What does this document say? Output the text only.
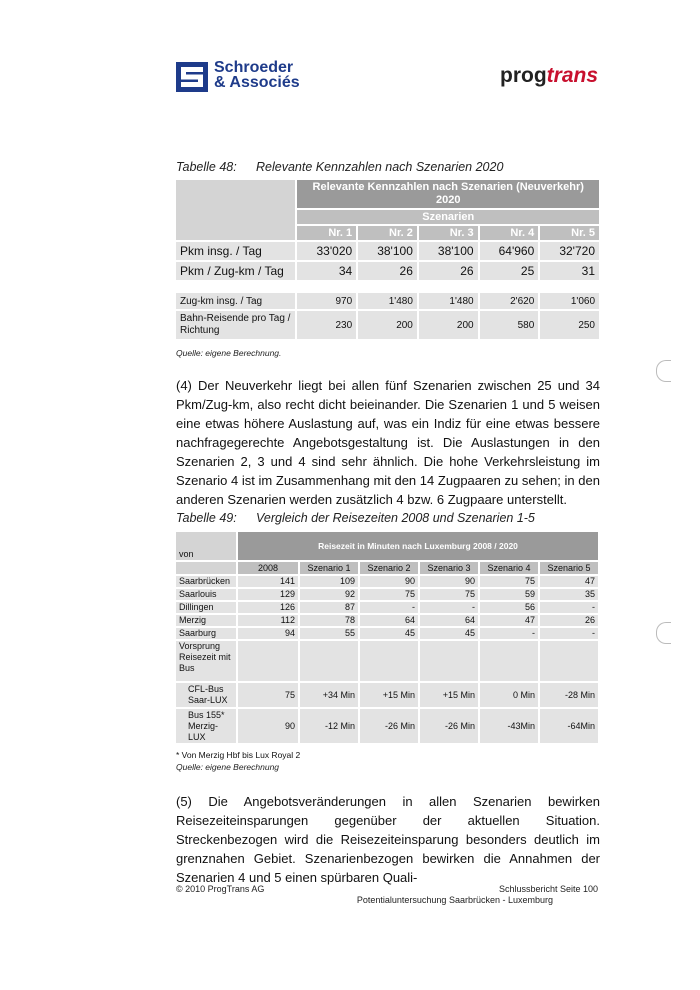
Schroeder
& Associés	progtrans
Tabelle 48: Relevante Kennzahlen nach Szenarien 2020
	Relevante Kennzahlen nach Szenarien (Neuverkehr) 2020				
	Szenarien				
	Nr. 1	Nr. 2	Nr. 3	Nr. 4	Nr. 5
Pkm insg. / Tag	33'020	38'100	38'100	64'960	32'720
Pkm / Zug-km / Tag	34	26	26	25	31
Zug-km insg. / Tag	970	1'480	1'480	2'620	1'060
Bahn-Reisende pro Tag / Richtung	230	200	200	580	250
Quelle: eigene Berechnung.
(4) Der Neuverkehr liegt bei allen fünf Szenarien zwischen 25 und 34 Pkm/Zug-km, also recht dicht beieinander. Die Szenarien 1 und 5 weisen eine etwas höhere Auslastung auf, was ein Indiz für eine etwas bessere nachfragegerechte Angebotsgestaltung ist. Die Auslastungen in den Szenarien 2, 3 und 4 sind sehr ähnlich. Die hohe Verkehrsleistung im Szenario 4 ist im Zusammenhang mit den 14 Zugpaaren zu sehen; in den anderen Szenarien werden zusätzlich 4 bzw. 6 Zugpaare unterstellt.
Tabelle 49: Vergleich der Reisezeiten 2008 und Szenarien 1-5
von	Reisezeit in Minuten nach Luxemburg 2008 / 2020					
	2008	Szenario 1	Szenario 2	Szenario 3	Szenario 4	Szenario 5
Saarbrücken	141	109	90	90	75	47
Saarlouis	129	92	75	75	59	35
Dillingen	126	87	-	-	56	-
Merzig	112	78	64	64	47	26
Saarburg	94	55	45	45	-	-
Vorsprung Reisezeit mit Bus						
CFL-Bus Saar-LUX	75	+34 Min	+15 Min	+15 Min	0 Min	-28 Min
Bus 155* Merzig-LUX	90	-12 Min	-26 Min	-26 Min	-43Min	-64Min
* Von Merzig Hbf bis Lux Royal 2
Quelle: eigene Berechnung
(5) Die Angebotsveränderungen in allen Szenarien bewirken Reisezeiteinsparungen gegenüber der aktuellen Situation. Streckenbezogen wird die Reisezeiteinsparung besonders deutlich im grenznahen Gebiet. Szenarienbezogen bewirken die Annahmen der Szenarien 4 und 5 einen spürbaren Quali-
© 2010 ProgTrans AG	Schlussbericht Seite 100
Potentialuntersuchung Saarbrücken - Luxemburg
